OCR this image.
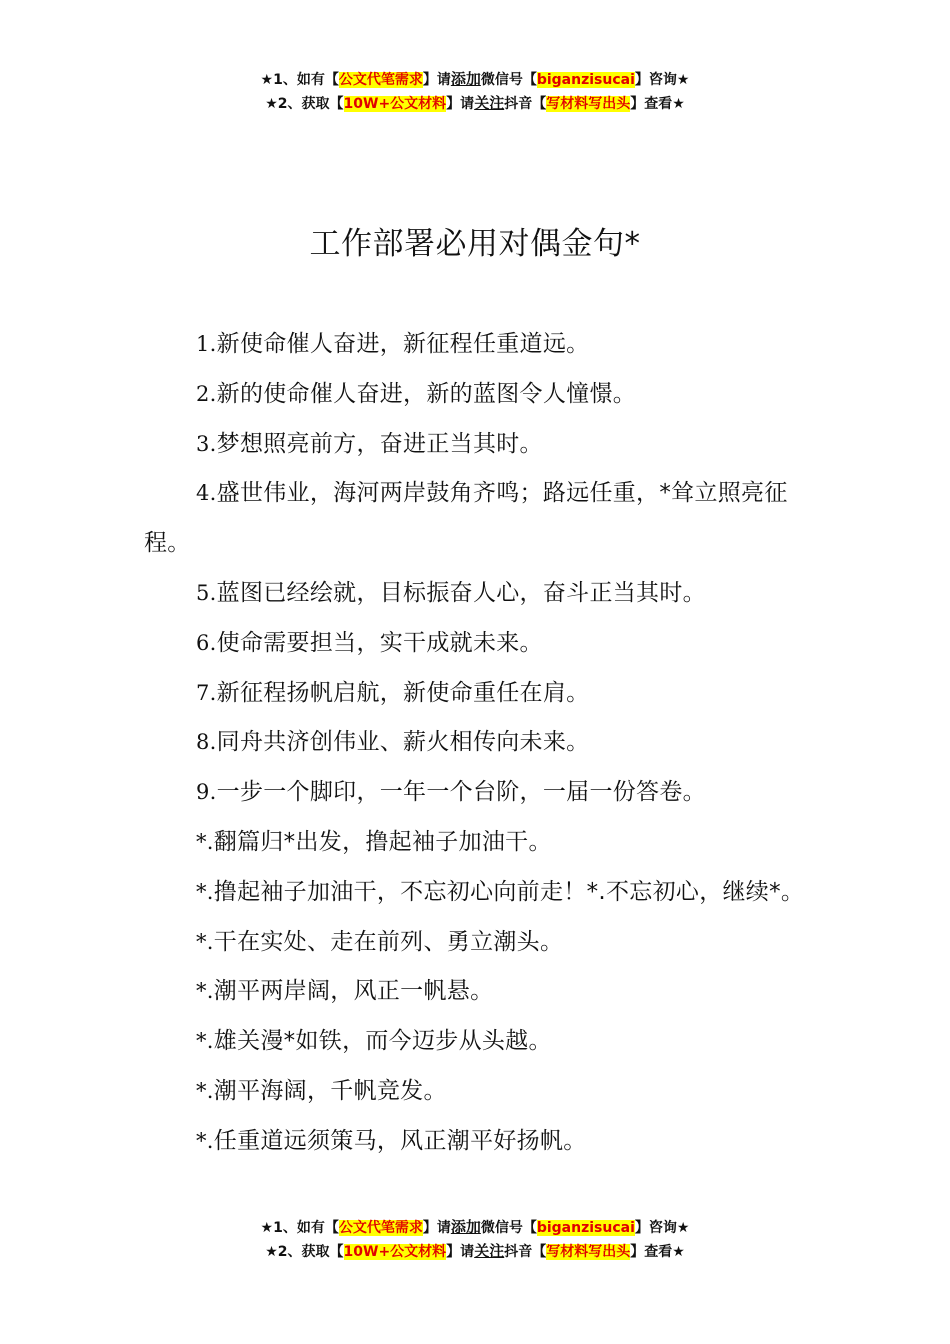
★1、如有【公文代笔需求】请添加微信号【biganzisucai】咨询★
★2、获取【10W+公文材料】请关注抖音【写材料写出头】查看★
工作部署必用对偶金句*

1.新使命催人奋进，新征程任重道远。

2.新的使命催人奋进，新的蓝图令人憧憬。

3.梦想照亮前方，奋进正当其时。

4.盛世伟业，海河两岸鼓角齐鸣；路远任重，*耸立照亮征程。

5.蓝图已经绘就，目标振奋人心，奋斗正当其时。

6.使命需要担当，实干成就未来。

7.新征程扬帆启航，新使命重任在肩。

8.同舟共济创伟业、薪火相传向未来。

9.一步一个脚印，一年一个台阶，一届一份答卷。

*.翻篇归*出发，撸起袖子加油干。

*.撸起袖子加油干，不忘初心向前走！*.不忘初心，继续*。

*.干在实处、走在前列、勇立潮头。

*.潮平两岸阔，风正一帆悬。

*.雄关漫*如铁，而今迈步从头越。

*.潮平海阔，千帆竞发。

*.任重道远须策马，风正潮平好扬帆。

★1、如有【公文代笔需求】请添加微信号【biganzisucai】咨询★
★2、获取【10W+公文材料】请关注抖音【写材料写出头】查看★
